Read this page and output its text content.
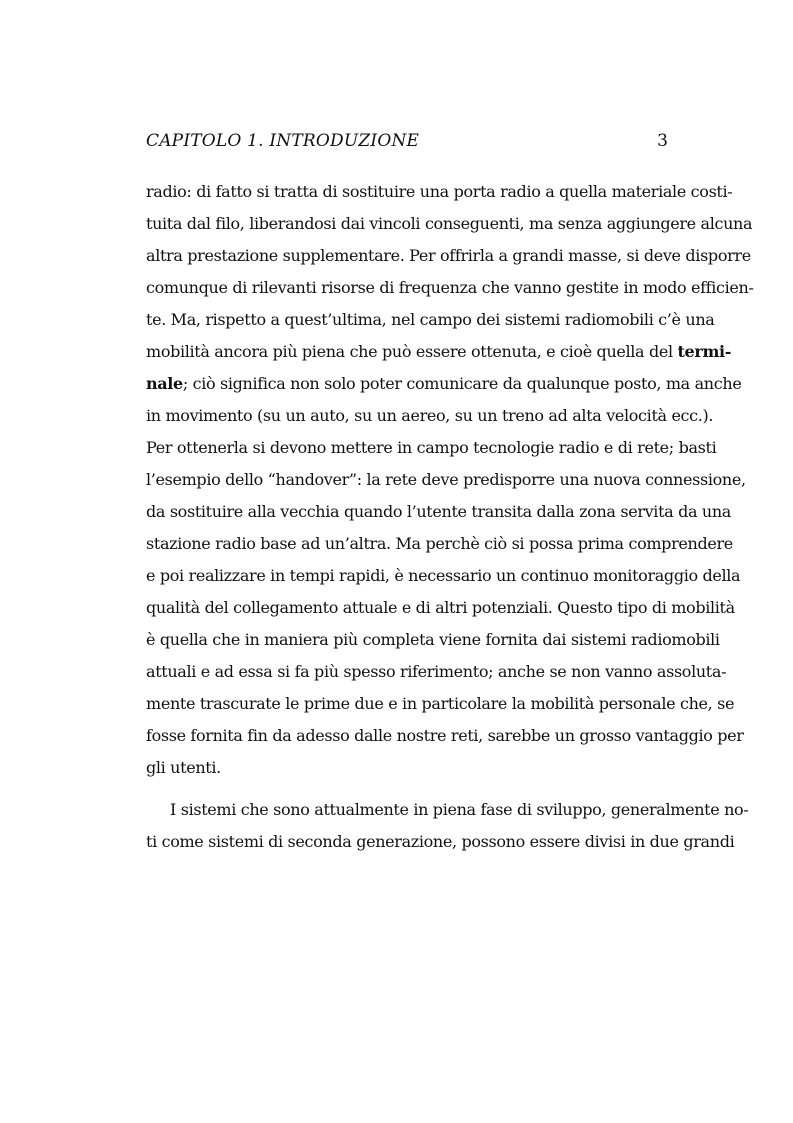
CAPITOLO 1. INTRODUZIONE	3
radio: di fatto si tratta di sostituire una porta radio a quella materiale costi-
tuita dal filo, liberandosi dai vincoli conseguenti, ma senza aggiungere alcuna
altra prestazione supplementare. Per offrirla a grandi masse, si deve disporre
comunque di rilevanti risorse di frequenza che vanno gestite in modo efficien-
te. Ma, rispetto a quest’ultima, nel campo dei sistemi radiomobili c’è una
mobilità ancora più piena che può essere ottenuta, e cioè quella del termi-
nale; ciò significa non solo poter comunicare da qualunque posto, ma anche
in movimento (su un auto, su un aereo, su un treno ad alta velocità ecc.).
Per ottenerla si devono mettere in campo tecnologie radio e di rete; basti
l’esempio dello “handover”: la rete deve predisporre una nuova connessione,
da sostituire alla vecchia quando l’utente transita dalla zona servita da una
stazione radio base ad un’altra. Ma perchè ciò si possa prima comprendere
e poi realizzare in tempi rapidi, è necessario un continuo monitoraggio della
qualità del collegamento attuale e di altri potenziali. Questo tipo di mobilità
è quella che in maniera più completa viene fornita dai sistemi radiomobili
attuali e ad essa si fa più spesso riferimento; anche se non vanno assoluta-
mente trascurate le prime due e in particolare la mobilità personale che, se
fosse fornita fin da adesso dalle nostre reti, sarebbe un grosso vantaggio per
gli utenti.
I sistemi che sono attualmente in piena fase di sviluppo, generalmente no-
ti come sistemi di seconda generazione, possono essere divisi in due grandi
